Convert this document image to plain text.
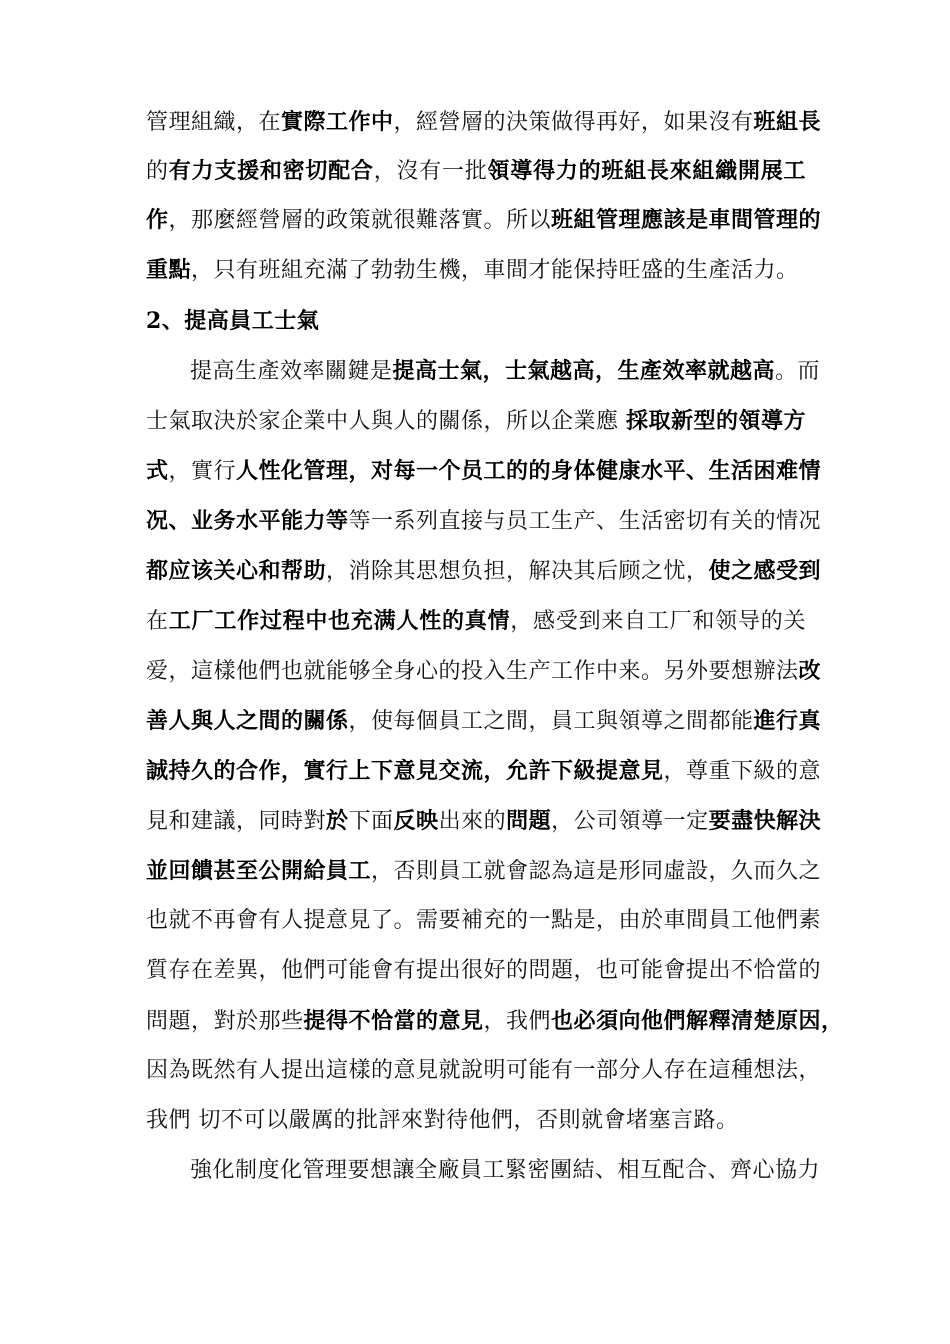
管理組織，在實際工作中，經營層的決策做得再好，如果沒有班組長
的有力支援和密切配合，沒有一批領導得力的班組長來組織開展工
作，那麼經營層的政策就很難落實。所以班組管理應該是車間管理的
重點，只有班組充滿了勃勃生機，車間才能保持旺盛的生產活力。
2、提高員工士氣
提高生產效率關鍵是提高士氣，士氣越高，生產效率就越高。而
士氣取決於家企業中人與人的關係，所以企業應 採取新型的領導方
式，實行人性化管理，对每一个员工的的身体健康水平、生活困难情
况、业务水平能力等等一系列直接与员工生产、生活密切有关的情况
都应该关心和帮助，消除其思想负担，解决其后顾之忧，使之感受到
在工厂工作过程中也充满人性的真情，感受到来自工厂和领导的关
爱，這樣他們也就能够全身心的投入生产工作中来。另外要想辦法改
善人與人之間的關係，使每個員工之間，員工與領導之間都能進行真
誠持久的合作，實行上下意見交流，允許下級提意見，尊重下級的意
見和建議，同時對於下面反映出來的問題，公司領導一定要盡快解決
並回饋甚至公開給員工，否則員工就會認為這是形同虛設，久而久之
也就不再會有人提意見了。需要補充的一點是，由於車間員工他們素
質存在差異，他們可能會有提出很好的問題，也可能會提出不恰當的
問題，對於那些提得不恰當的意見，我們也必須向他們解釋清楚原因，
因為既然有人提出這樣的意見就說明可能有一部分人存在這種想法，
我們 切不可以嚴厲的批評來對待他們，否則就會堵塞言路。
強化制度化管理要想讓全廠員工緊密團結、相互配合、齊心協力
